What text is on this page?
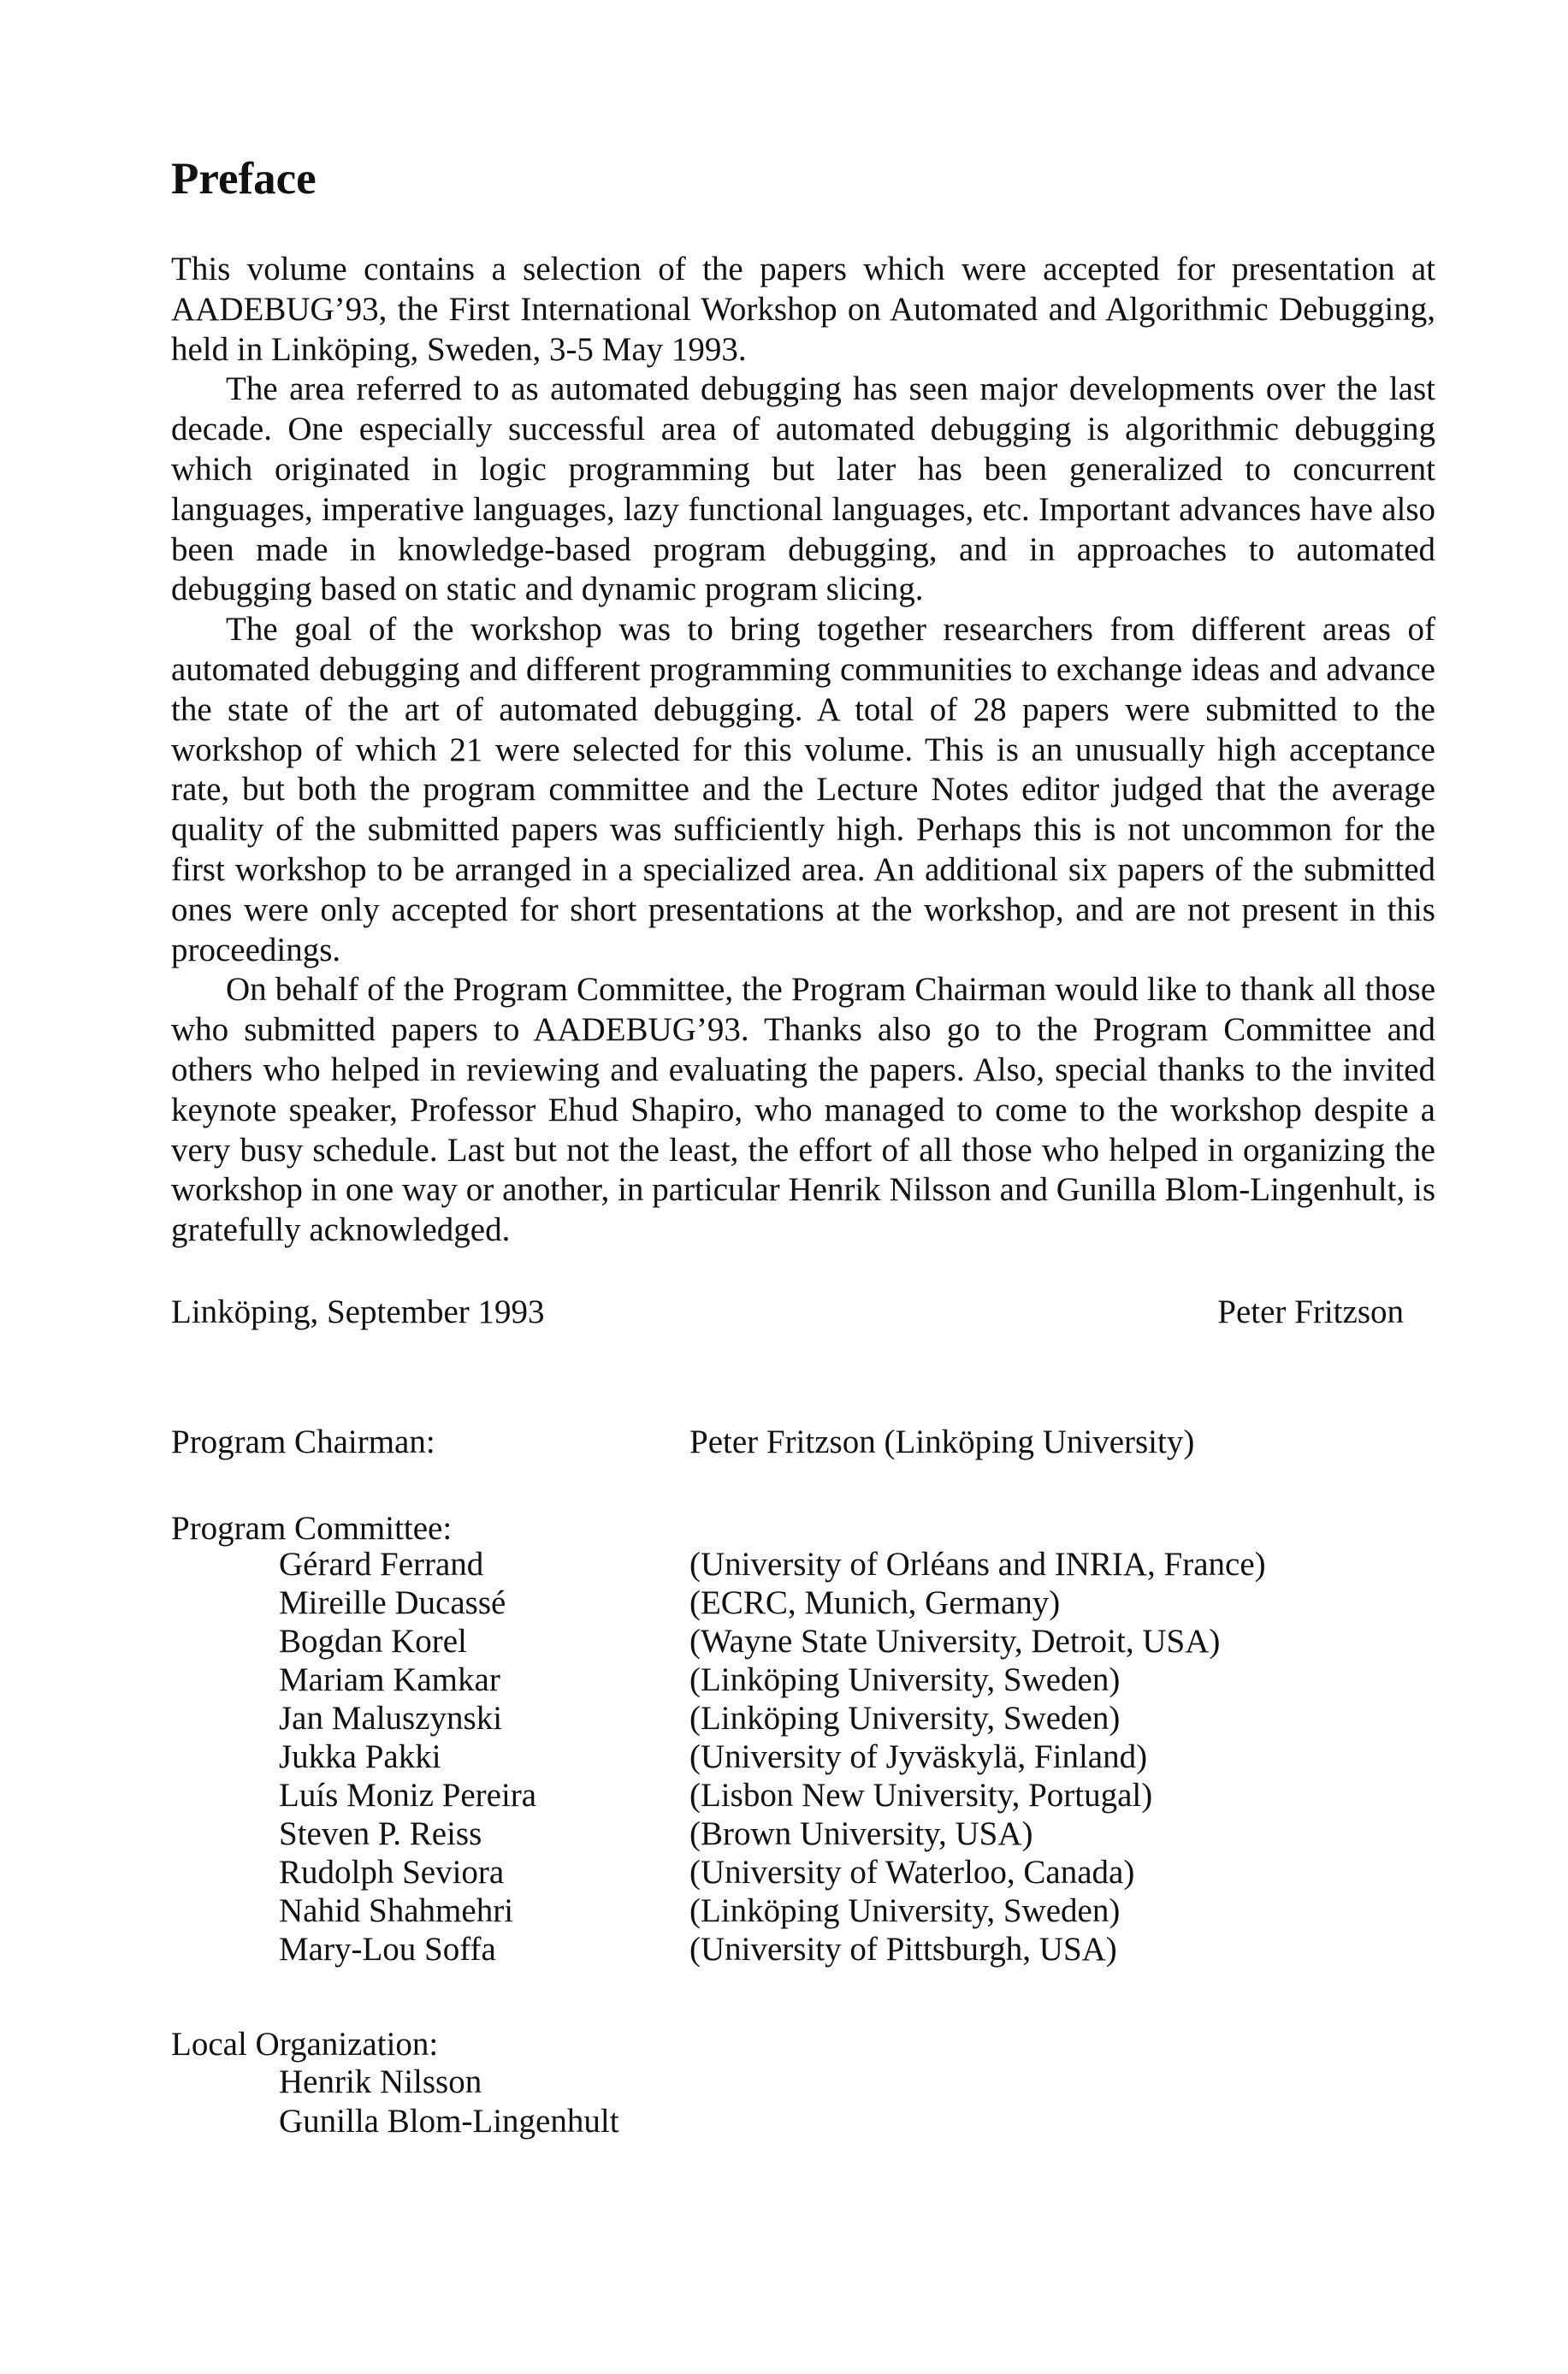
Preface

This volume contains a selection of the papers which were accepted for presentation at AADEBUG’93, the First International Workshop on Automated and Algorithmic Debugging, held in Linköping, Sweden, 3-5 May 1993.

The area referred to as automated debugging has seen major developments over the last decade. One especially successful area of automated debugging is algorithmic debugging which originated in logic programming but later has been generalized to concurrent languages, imperative languages, lazy functional languages, etc. Important advances have also been made in knowledge-based program debugging, and in approaches to automated debugging based on static and dynamic program slicing.

The goal of the workshop was to bring together researchers from different areas of automated debugging and different programming communities to exchange ideas and advance the state of the art of automated debugging. A total of 28 papers were submitted to the workshop of which 21 were selected for this volume. This is an unusually high acceptance rate, but both the program committee and the Lecture Notes editor judged that the average quality of the submitted papers was sufficiently high. Perhaps this is not uncommon for the first workshop to be arranged in a specialized area. An additional six papers of the submitted ones were only accepted for short presentations at the workshop, and are not present in this proceedings.

On behalf of the Program Committee, the Program Chairman would like to thank all those who submitted papers to AADEBUG’93. Thanks also go to the Program Committee and others who helped in reviewing and evaluating the papers. Also, special thanks to the invited keynote speaker, Professor Ehud Shapiro, who managed to come to the workshop despite a very busy schedule. Last but not the least, the effort of all those who helped in organizing the workshop in one way or another, in particular Henrik Nilsson and Gunilla Blom-Lingenhult, is gratefully acknowledged.

Linköping, September 1993	Peter Fritzson
Program Chairman:	Peter Fritzson (Linköping University)
Program Committee:
Gérard Ferrand	(University of Orléans and INRIA, France)
Mireille Ducassé	(ECRC, Munich, Germany)
Bogdan Korel	(Wayne State University, Detroit, USA)
Mariam Kamkar	(Linköping University, Sweden)
Jan Maluszynski	(Linköping University, Sweden)
Jukka Pakki	(University of Jyväskylä, Finland)
Luís Moniz Pereira	(Lisbon New University, Portugal)
Steven P. Reiss	(Brown University, USA)
Rudolph Seviora	(University of Waterloo, Canada)
Nahid Shahmehri	(Linköping University, Sweden)
Mary-Lou Soffa	(University of Pittsburgh, USA)
Local Organization:
Henrik Nilsson
Gunilla Blom-Lingenhult
